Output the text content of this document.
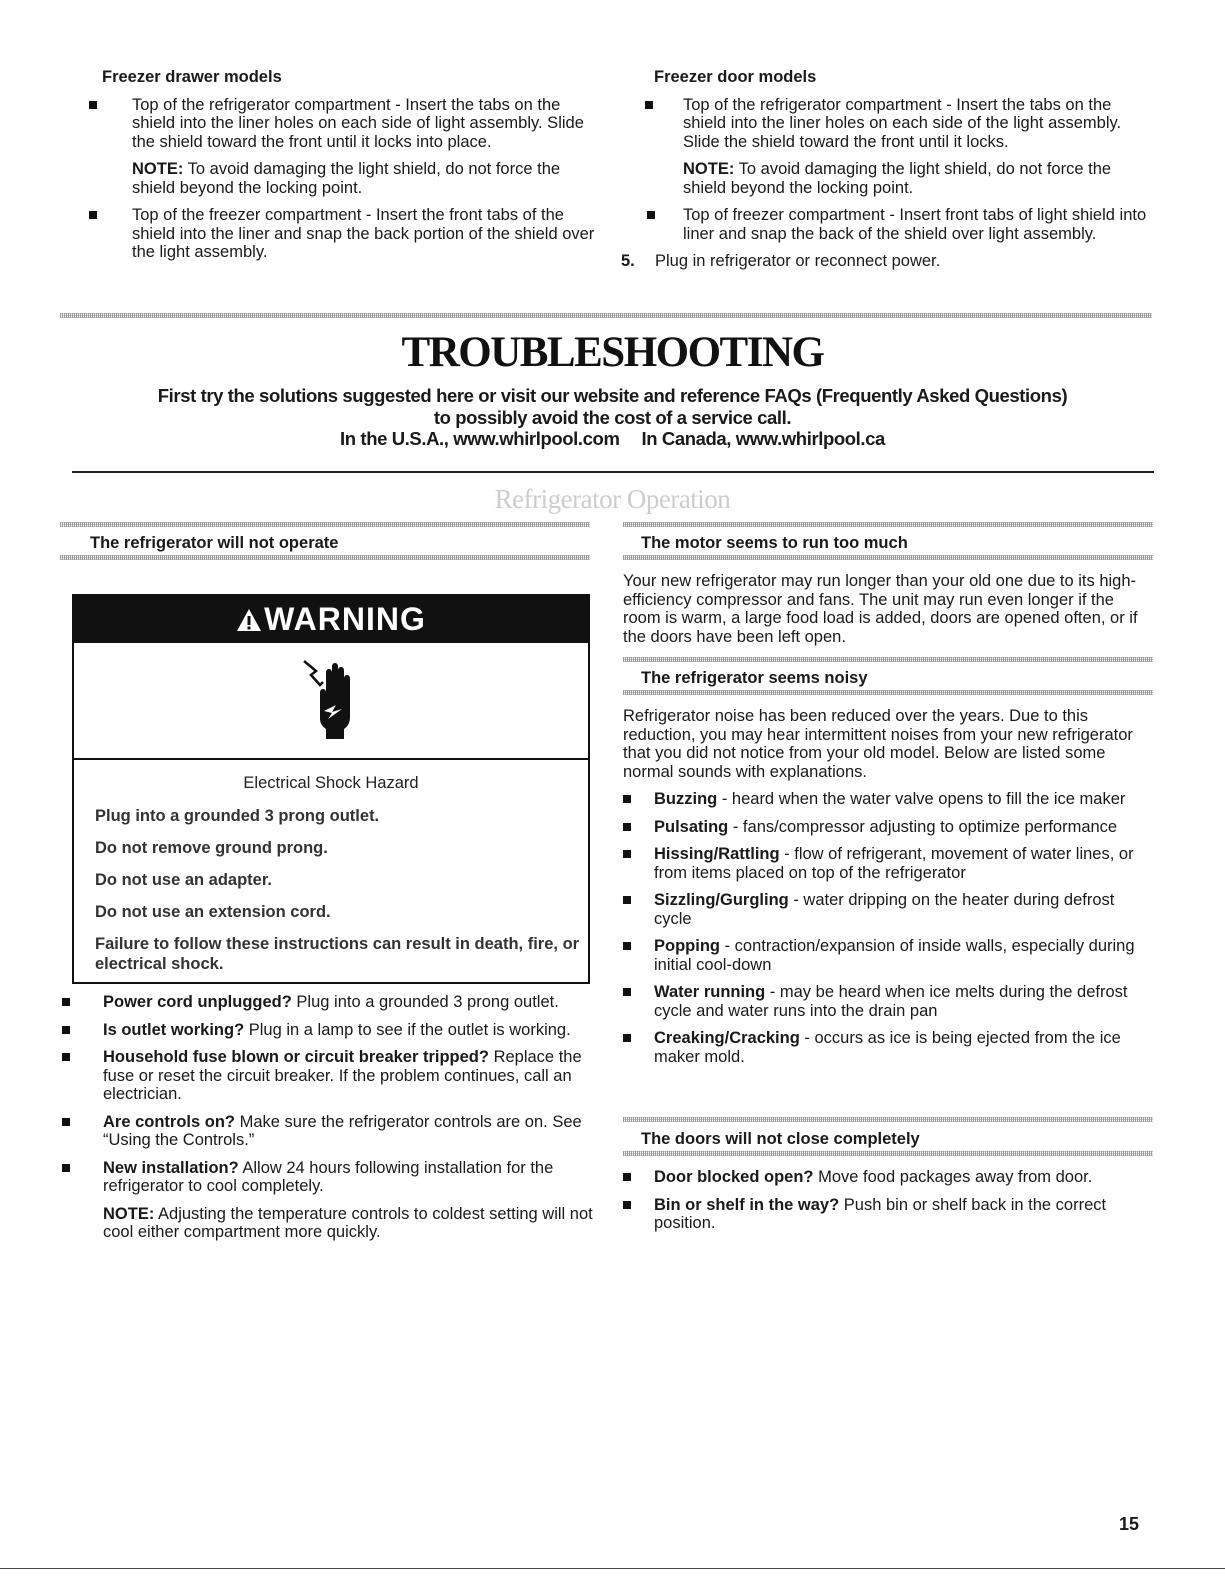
Freezer drawer models
Top of the refrigerator compartment - Insert the tabs on the shield into the liner holes on each side of light assembly. Slide the shield toward the front until it locks into place.
NOTE: To avoid damaging the light shield, do not force the shield beyond the locking point.
Top of the freezer compartment - Insert the front tabs of the shield into the liner and snap the back portion of the shield over the light assembly.
Freezer door models
Top of the refrigerator compartment - Insert the tabs on the shield into the liner holes on each side of the light assembly. Slide the shield toward the front until it locks.
NOTE: To avoid damaging the light shield, do not force the shield beyond the locking point.
Top of freezer compartment - Insert front tabs of light shield into liner and snap the back of the shield over light assembly.
5. Plug in refrigerator or reconnect power.
TROUBLESHOOTING
First try the solutions suggested here or visit our website and reference FAQs (Frequently Asked Questions)
to possibly avoid the cost of a service call.
In the U.S.A., www.whirlpool.com In Canada, www.whirlpool.ca
Refrigerator Operation
The refrigerator will not operate
WARNING
Electrical Shock Hazard

Plug into a grounded 3 prong outlet.

Do not remove ground prong.

Do not use an adapter.

Do not use an extension cord.

Failure to follow these instructions can result in death, fire, or electrical shock.

Power cord unplugged? Plug into a grounded 3 prong outlet.
Is outlet working? Plug in a lamp to see if the outlet is working.
Household fuse blown or circuit breaker tripped? Replace the fuse or reset the circuit breaker. If the problem continues, call an electrician.
Are controls on? Make sure the refrigerator controls are on. See “Using the Controls.”
New installation? Allow 24 hours following installation for the refrigerator to cool completely.
NOTE: Adjusting the temperature controls to coldest setting will not cool either compartment more quickly.
The motor seems to run too much
Your new refrigerator may run longer than your old one due to its high-efficiency compressor and fans. The unit may run even longer if the room is warm, a large food load is added, doors are opened often, or if the doors have been left open.
The refrigerator seems noisy
Refrigerator noise has been reduced over the years. Due to this reduction, you may hear intermittent noises from your new refrigerator that you did not notice from your old model. Below are listed some normal sounds with explanations.
Buzzing - heard when the water valve opens to fill the ice maker
Pulsating - fans/compressor adjusting to optimize performance
Hissing/Rattling - flow of refrigerant, movement of water lines, or from items placed on top of the refrigerator
Sizzling/Gurgling - water dripping on the heater during defrost cycle
Popping - contraction/expansion of inside walls, especially during initial cool-down
Water running - may be heard when ice melts during the defrost cycle and water runs into the drain pan
Creaking/Cracking - occurs as ice is being ejected from the ice maker mold.
The doors will not close completely
Door blocked open? Move food packages away from door.
Bin or shelf in the way? Push bin or shelf back in the correct position.
15
